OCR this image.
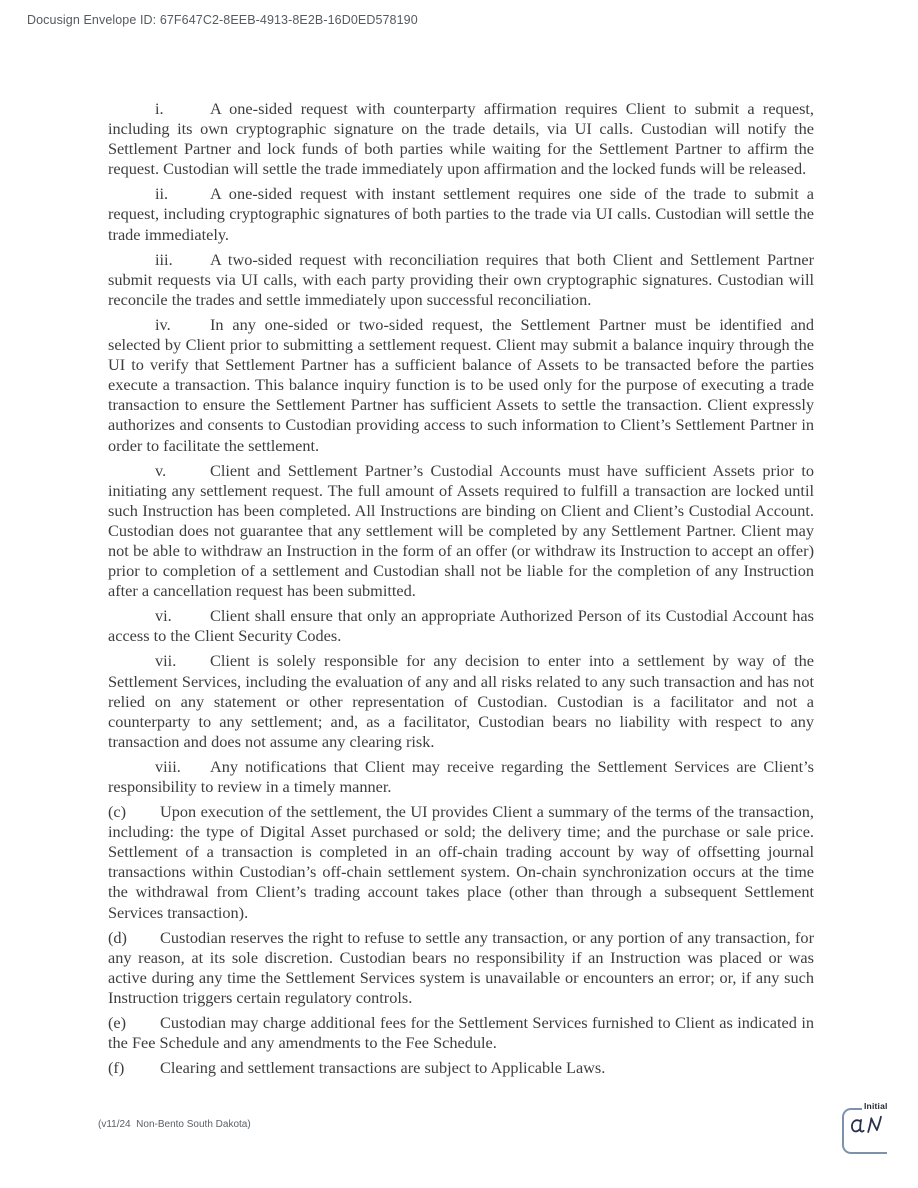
Docusign Envelope ID: 67F647C2-8EEB-4913-8E2B-16D0ED578190

i.	A one-sided request with counterparty affirmation requires Client to submit a request, including its own cryptographic signature on the trade details, via UI calls. Custodian will notify the Settlement Partner and lock funds of both parties while waiting for the Settlement Partner to affirm the request. Custodian will settle the trade immediately upon affirmation and the locked funds will be released.

ii.	A one-sided request with instant settlement requires one side of the trade to submit a request, including cryptographic signatures of both parties to the trade via UI calls. Custodian will settle the trade immediately.

iii. A two-sided request with reconciliation requires that both Client and Settlement Partner submit requests via UI calls, with each party providing their own cryptographic signatures. Custodian will reconcile the trades and settle immediately upon successful reconciliation.

iv. In any one-sided or two-sided request, the Settlement Partner must be identified and selected by Client prior to submitting a settlement request. Client may submit a balance inquiry through the UI to verify that Settlement Partner has a sufficient balance of Assets to be transacted before the parties execute a transaction. This balance inquiry function is to be used only for the purpose of executing a trade transaction to ensure the Settlement Partner has sufficient Assets to settle the transaction. Client expressly authorizes and consents to Custodian providing access to such information to Client’s Settlement Partner in order to facilitate the settlement.

v.	Client and Settlement Partner’s Custodial Accounts must have sufficient Assets prior to initiating any settlement request. The full amount of Assets required to fulfill a transaction are locked until such Instruction has been completed. All Instructions are binding on Client and Client’s Custodial Account. Custodian does not guarantee that any settlement will be completed by any Settlement Partner. Client may not be able to withdraw an Instruction in the form of an offer (or withdraw its Instruction to accept an offer) prior to completion of a settlement and Custodian shall not be liable for the completion of any Instruction after a cancellation request has been submitted.

vi. Client shall ensure that only an appropriate Authorized Person of its Custodial Account has access to the Client Security Codes.

vii. Client is solely responsible for any decision to enter into a settlement by way of the Settlement Services, including the evaluation of any and all risks related to any such transaction and has not relied on any statement or other representation of Custodian. Custodian is a facilitator and not a counterparty to any settlement; and, as a facilitator, Custodian bears no liability with respect to any transaction and does not assume any clearing risk.

viii. Any notifications that Client may receive regarding the Settlement Services are Client’s responsibility to review in a timely manner.

(c) Upon execution of the settlement, the UI provides Client a summary of the terms of the transaction, including: the type of Digital Asset purchased or sold; the delivery time; and the purchase or sale price. Settlement of a transaction is completed in an off-chain trading account by way of offsetting journal transactions within Custodian’s off-chain settlement system. On-chain synchronization occurs at the time the withdrawal from Client’s trading account takes place (other than through a subsequent Settlement Services transaction).

(d) Custodian reserves the right to refuse to settle any transaction, or any portion of any transaction, for any reason, at its sole discretion. Custodian bears no responsibility if an Instruction was placed or was active during any time the Settlement Services system is unavailable or encounters an error; or, if any such Instruction triggers certain regulatory controls.

(e) Custodian may charge additional fees for the Settlement Services furnished to Client as indicated in the Fee Schedule and any amendments to the Fee Schedule.

(f) Clearing and settlement transactions are subject to Applicable Laws.

(v11/24  Non-Bento South Dakota)
Initial
